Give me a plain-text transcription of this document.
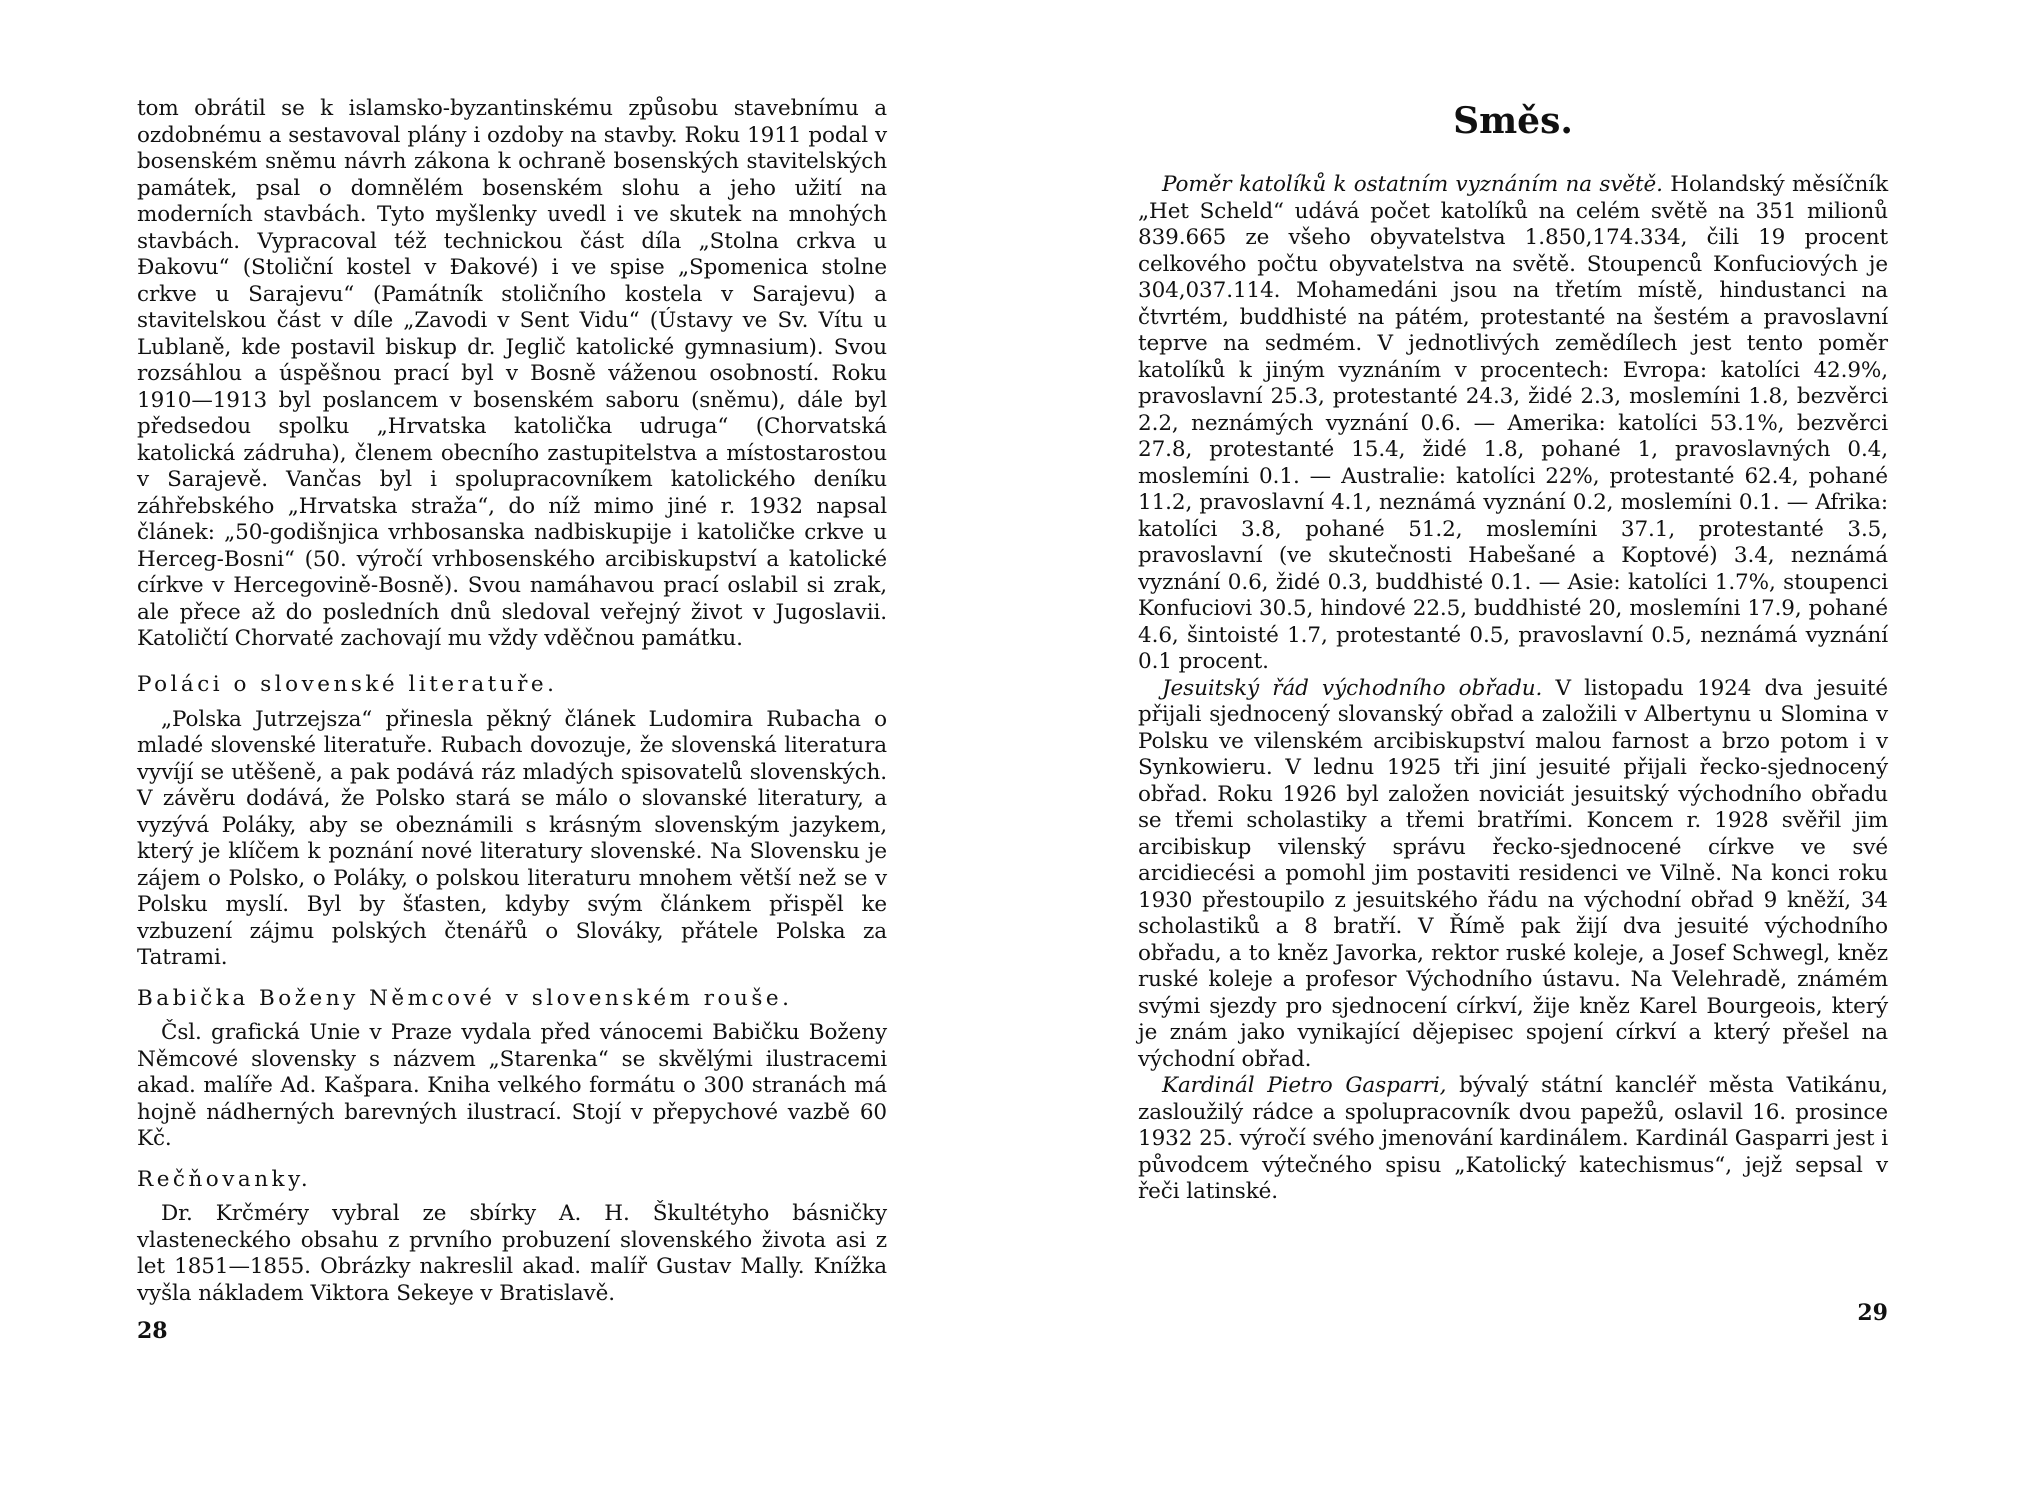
tom obrátil se k islamsko-byzantinskému způsobu stavebnímu a ozdobnému a sestavoval plány i ozdoby na stavby. Roku 1911 podal v bosenském sněmu návrh zákona k ochraně bosenských stavitelských památek, psal o domnělém bosenském slohu a jeho užití na moderních stavbách. Tyto myšlenky uvedl i ve skutek na mnohých stavbách. Vypracoval též technickou část díla „Stolna crkva u Đakovu“ (Stoliční kostel v Đakové) i ve spise „Spomenica stolne crkve u Sarajevu“ (Památník stoličního kostela v Sarajevu) a stavitelskou část v díle „Zavodi v Sent Vidu“ (Ústavy ve Sv. Vítu u Lublaně, kde postavil biskup dr. Jeglič katolické gymnasium). Svou rozsáhlou a úspěšnou prací byl v Bosně váženou osobností. Roku 1910—1913 byl poslancem v bosenském saboru (sněmu), dále byl předsedou spolku „Hrvatska katolička udruga“ (Chorvatská katolická zádruha), členem obecního zastupitelstva a místostarostou v Sarajevě. Vančas byl i spolupracovníkem katolického deníku záhřebského „Hrvatska straža“, do níž mimo jiné r. 1932 napsal článek: „50-godišnjica vrhbosanska nadbiskupije i katoličke crkve u Herceg-Bosni“ (50. výročí vrhbosenského arcibiskupství a katolické církve v Hercegovině-Bosně). Svou namáhavou prací oslabil si zrak, ale přece až do posledních dnů sledoval veřejný život v Jugoslavii. Katoličtí Chorvaté zachovají mu vždy vděčnou památku.

Poláci o slovenské literatuře.

„Polska Jutrzejsza“ přinesla pěkný článek Ludomira Rubacha o mladé slovenské literatuře. Rubach dovozuje, že slovenská literatura vyvíjí se utěšeně, a pak podává ráz mladých spisovatelů slovenských. V závěru dodává, že Polsko stará se málo o slovanské literatury, a vyzývá Poláky, aby se obeznámili s krásným slovenským jazykem, který je klíčem k poznání nové literatury slovenské. Na Slovensku je zájem o Polsko, o Poláky, o polskou literaturu mnohem větší než se v Polsku myslí. Byl by šťasten, kdyby svým článkem přispěl ke vzbuzení zájmu polských čtenářů o Slováky, přátele Polska za Tatrami.

Babička Boženy Němcové v slovenském rouše.

Čsl. grafická Unie v Praze vydala před vánocemi Babičku Boženy Němcové slovensky s názvem „Starenka“ se skvělými ilustracemi akad. malíře Ad. Kašpara. Kniha velkého formátu o 300 stranách má hojně nádherných barevných ilustrací. Stojí v přepychové vazbě 60 Kč.

Rečňovanky.

Dr. Krčméry vybral ze sbírky A. H. Škultétyho básničky vlasteneckého obsahu z prvního probuzení slovenského života asi z let 1851—1855. Obrázky nakreslil akad. malíř Gustav Mally. Knížka vyšla nákladem Viktora Sekeye v Bratislavě.

28
Směs.

Poměr katolíků k ostatním vyznáním na světě. Holandský měsíčník „Het Scheld“ udává počet katolíků na celém světě na 351 milionů 839.665 ze všeho obyvatelstva 1.850,174.334, čili 19 procent celkového počtu obyvatelstva na světě. Stoupenců Konfuciových je 304,037.114. Mohamedáni jsou na třetím místě, hindustanci na čtvrtém, buddhisté na pátém, protestanté na šestém a pravoslavní teprve na sedmém. V jednotlivých zemědílech jest tento poměr katolíků k jiným vyznáním v procentech: Evropa: katolíci 42.9%, pravoslavní 25.3, protestanté 24.3, židé 2.3, moslemíni 1.8, bezvěrci 2.2, neznámých vyznání 0.6. — Amerika: katolíci 53.1%, bezvěrci 27.8, protestanté 15.4, židé 1.8, pohané 1, pravoslavných 0.4, moslemíni 0.1. — Australie: katolíci 22%, protestanté 62.4, pohané 11.2, pravoslavní 4.1, neznámá vyznání 0.2, moslemíni 0.1. — Afrika: katolíci 3.8, pohané 51.2, moslemíni 37.1, protestanté 3.5, pravoslavní (ve skutečnosti Habešané a Koptové) 3.4, neznámá vyznání 0.6, židé 0.3, buddhisté 0.1. — Asie: katolíci 1.7%, stoupenci Konfuciovi 30.5, hindové 22.5, buddhisté 20, moslemíni 17.9, pohané 4.6, šintoisté 1.7, protestanté 0.5, pravoslavní 0.5, neznámá vyznání 0.1 procent.

Jesuitský řád východního obřadu. V listopadu 1924 dva jesuité přijali sjednocený slovanský obřad a založili v Albertynu u Slomina v Polsku ve vilenském arcibiskupství malou farnost a brzo potom i v Synkowieru. V lednu 1925 tři jiní jesuité přijali řecko-sjednocený obřad. Roku 1926 byl založen noviciát jesuitský východního obřadu se třemi scholastiky a třemi bratřími. Koncem r. 1928 svěřil jim arcibiskup vilenský správu řecko-sjednocené církve ve své arcidiecési a pomohl jim postaviti residenci ve Vilně. Na konci roku 1930 přestoupilo z jesuitského řádu na východní obřad 9 kněží, 34 scholastiků a 8 bratří. V Římě pak žijí dva jesuité východního obřadu, a to kněz Javorka, rektor ruské koleje, a Josef Schwegl, kněz ruské koleje a profesor Východního ústavu. Na Velehradě, známém svými sjezdy pro sjednocení církví, žije kněz Karel Bourgeois, který je znám jako vynikající dějepisec spojení církví a který přešel na východní obřad.

Kardinál Pietro Gasparri, bývalý státní kancléř města Vatikánu, zasloužilý rádce a spolupracovník dvou papežů, oslavil 16. prosince 1932 25. výročí svého jmenování kardinálem. Kardinál Gasparri jest i původcem výtečného spisu „Katolický katechismus“, jejž sepsal v řeči latinské.

29
